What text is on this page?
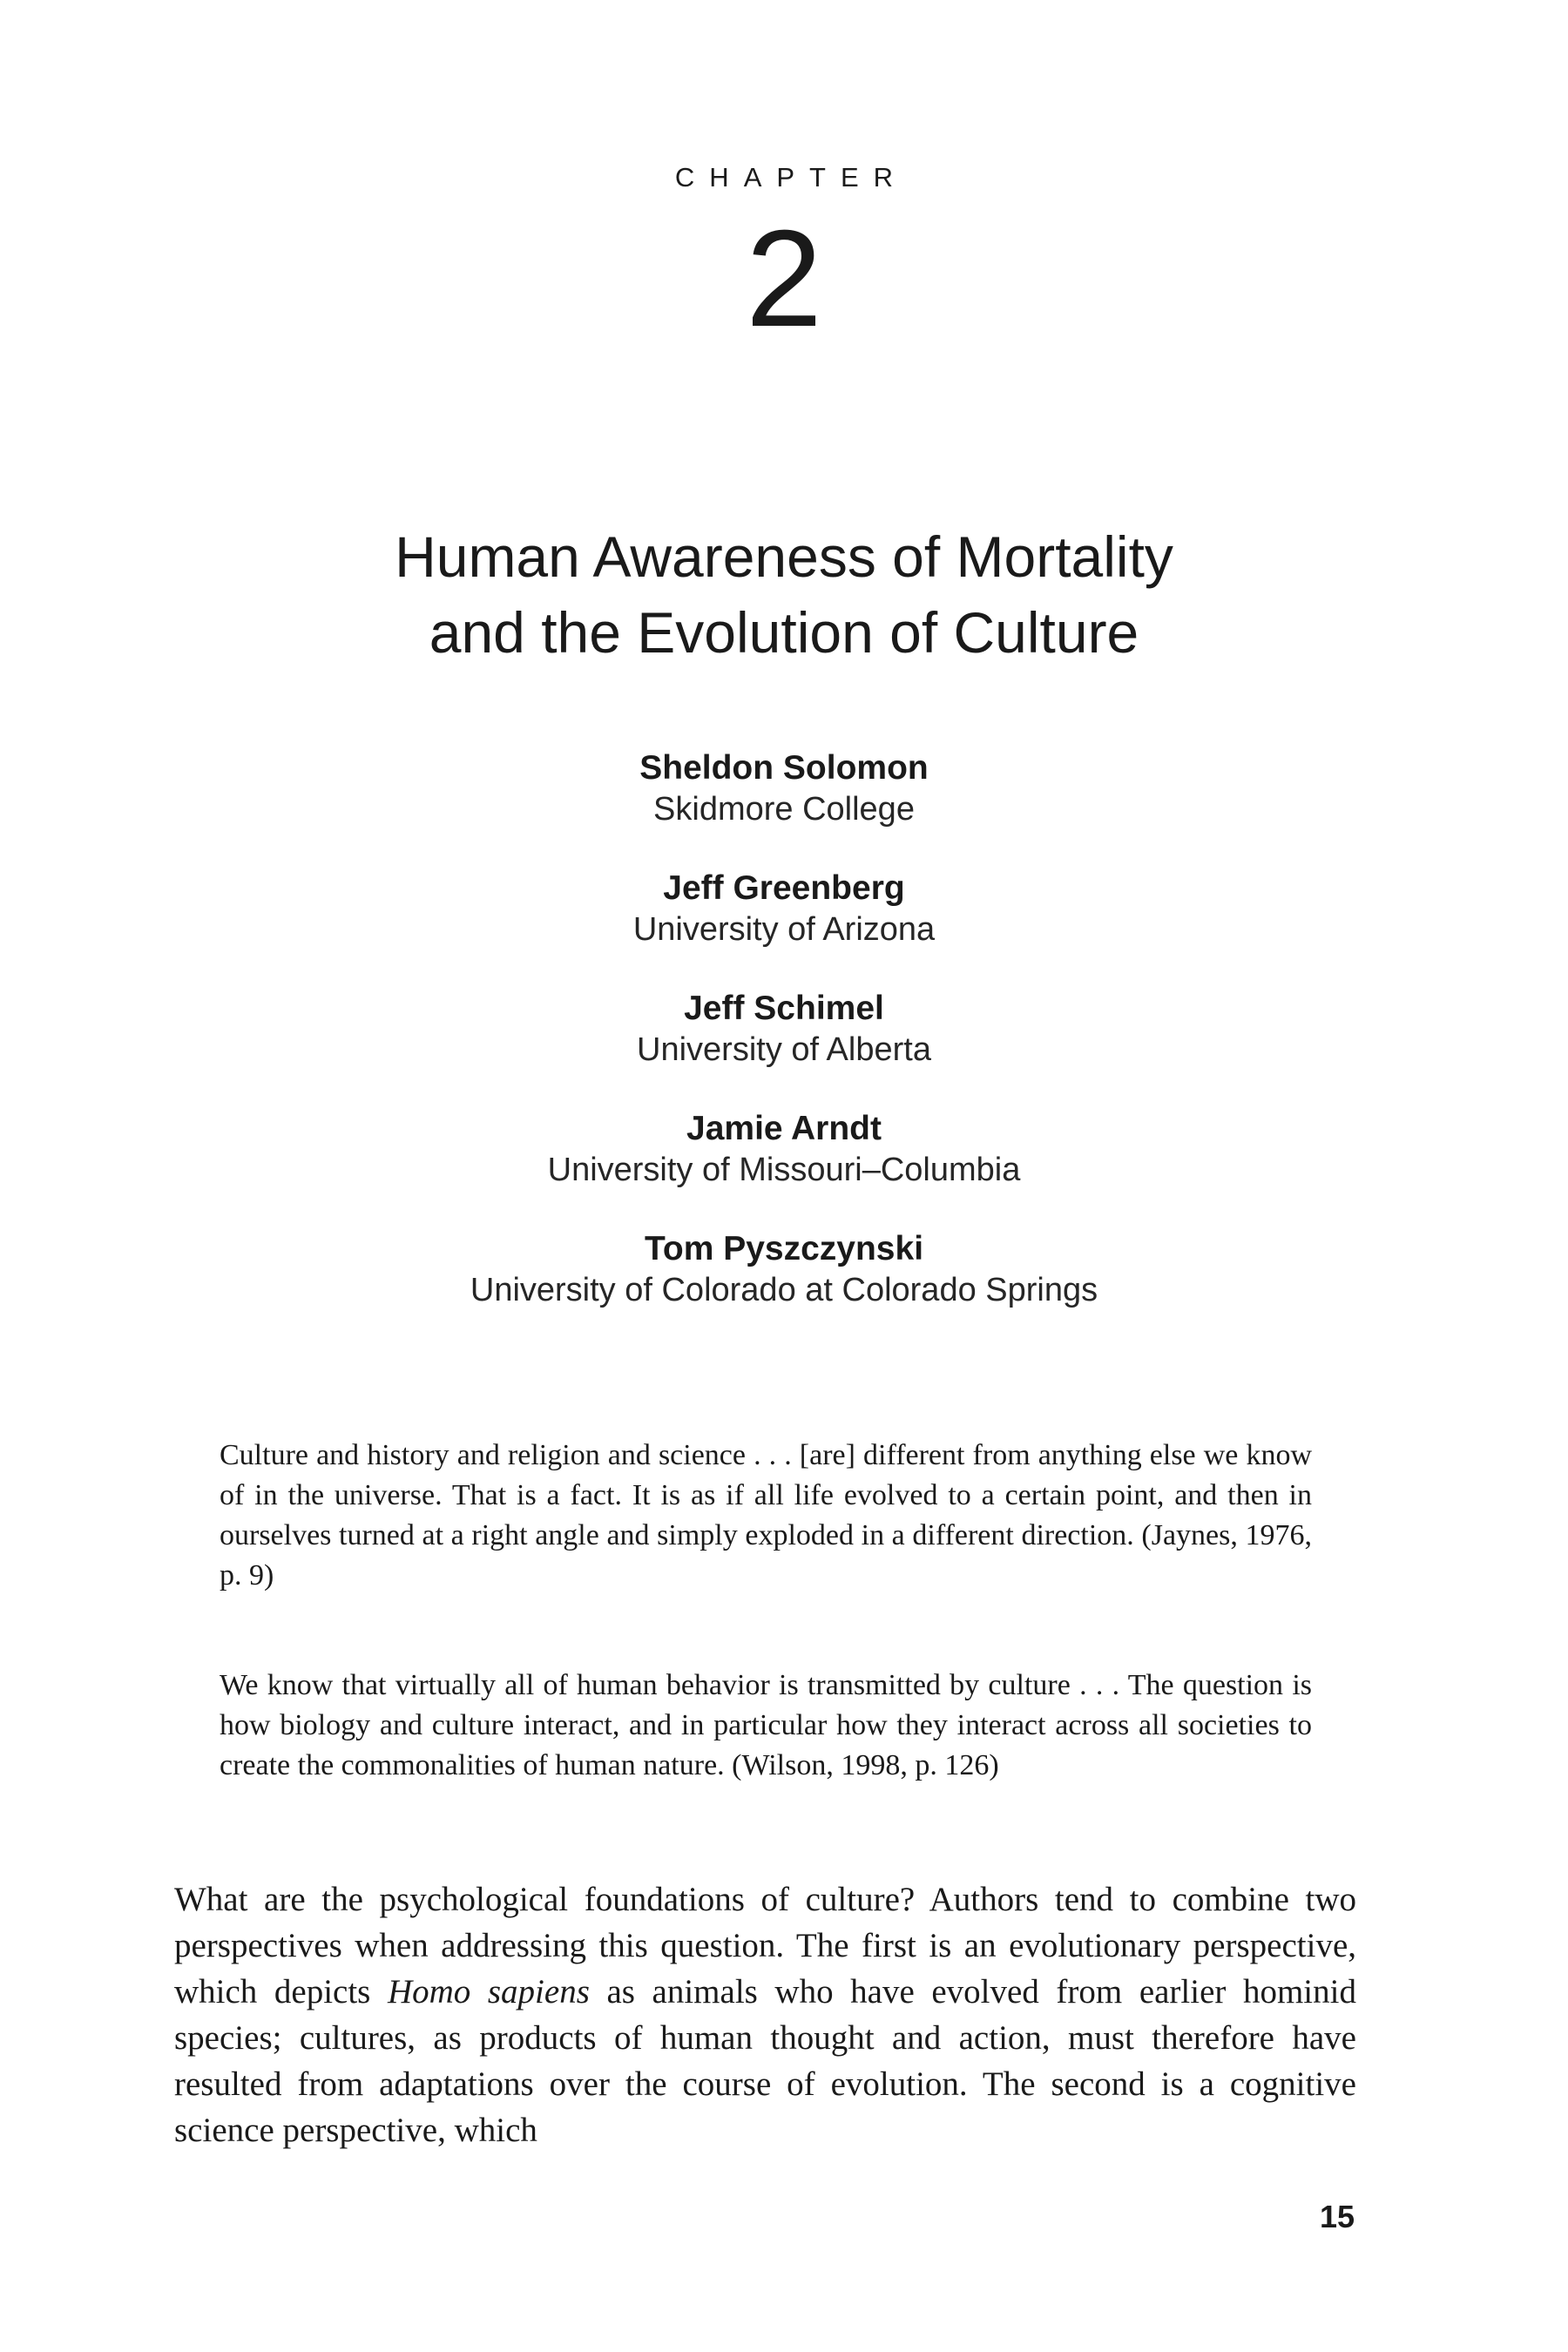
CHAPTER
2
Human Awareness of Mortality
and the Evolution of Culture
Sheldon Solomon
Skidmore College
Jeff Greenberg
University of Arizona
Jeff Schimel
University of Alberta
Jamie Arndt
University of Missouri–Columbia
Tom Pyszczynski
University of Colorado at Colorado Springs

Culture and history and religion and science . . . [are] different from anything else we know of in the universe. That is a fact. It is as if all life evolved to a certain point, and then in ourselves turned at a right angle and simply exploded in a different direction. (Jaynes, 1976, p. 9)

We know that virtually all of human behavior is transmitted by culture . . . The question is how biology and culture interact, and in particular how they interact across all societies to create the commonalities of human nature. (Wilson, 1998, p. 126)

What are the psychological foundations of culture? Authors tend to combine two perspectives when addressing this question. The first is an evolutionary perspective, which depicts Homo sapiens as animals who have evolved from earlier hominid species; cultures, as products of human thought and action, must therefore have resulted from adaptations over the course of evolution. The second is a cognitive science perspective, which

15
